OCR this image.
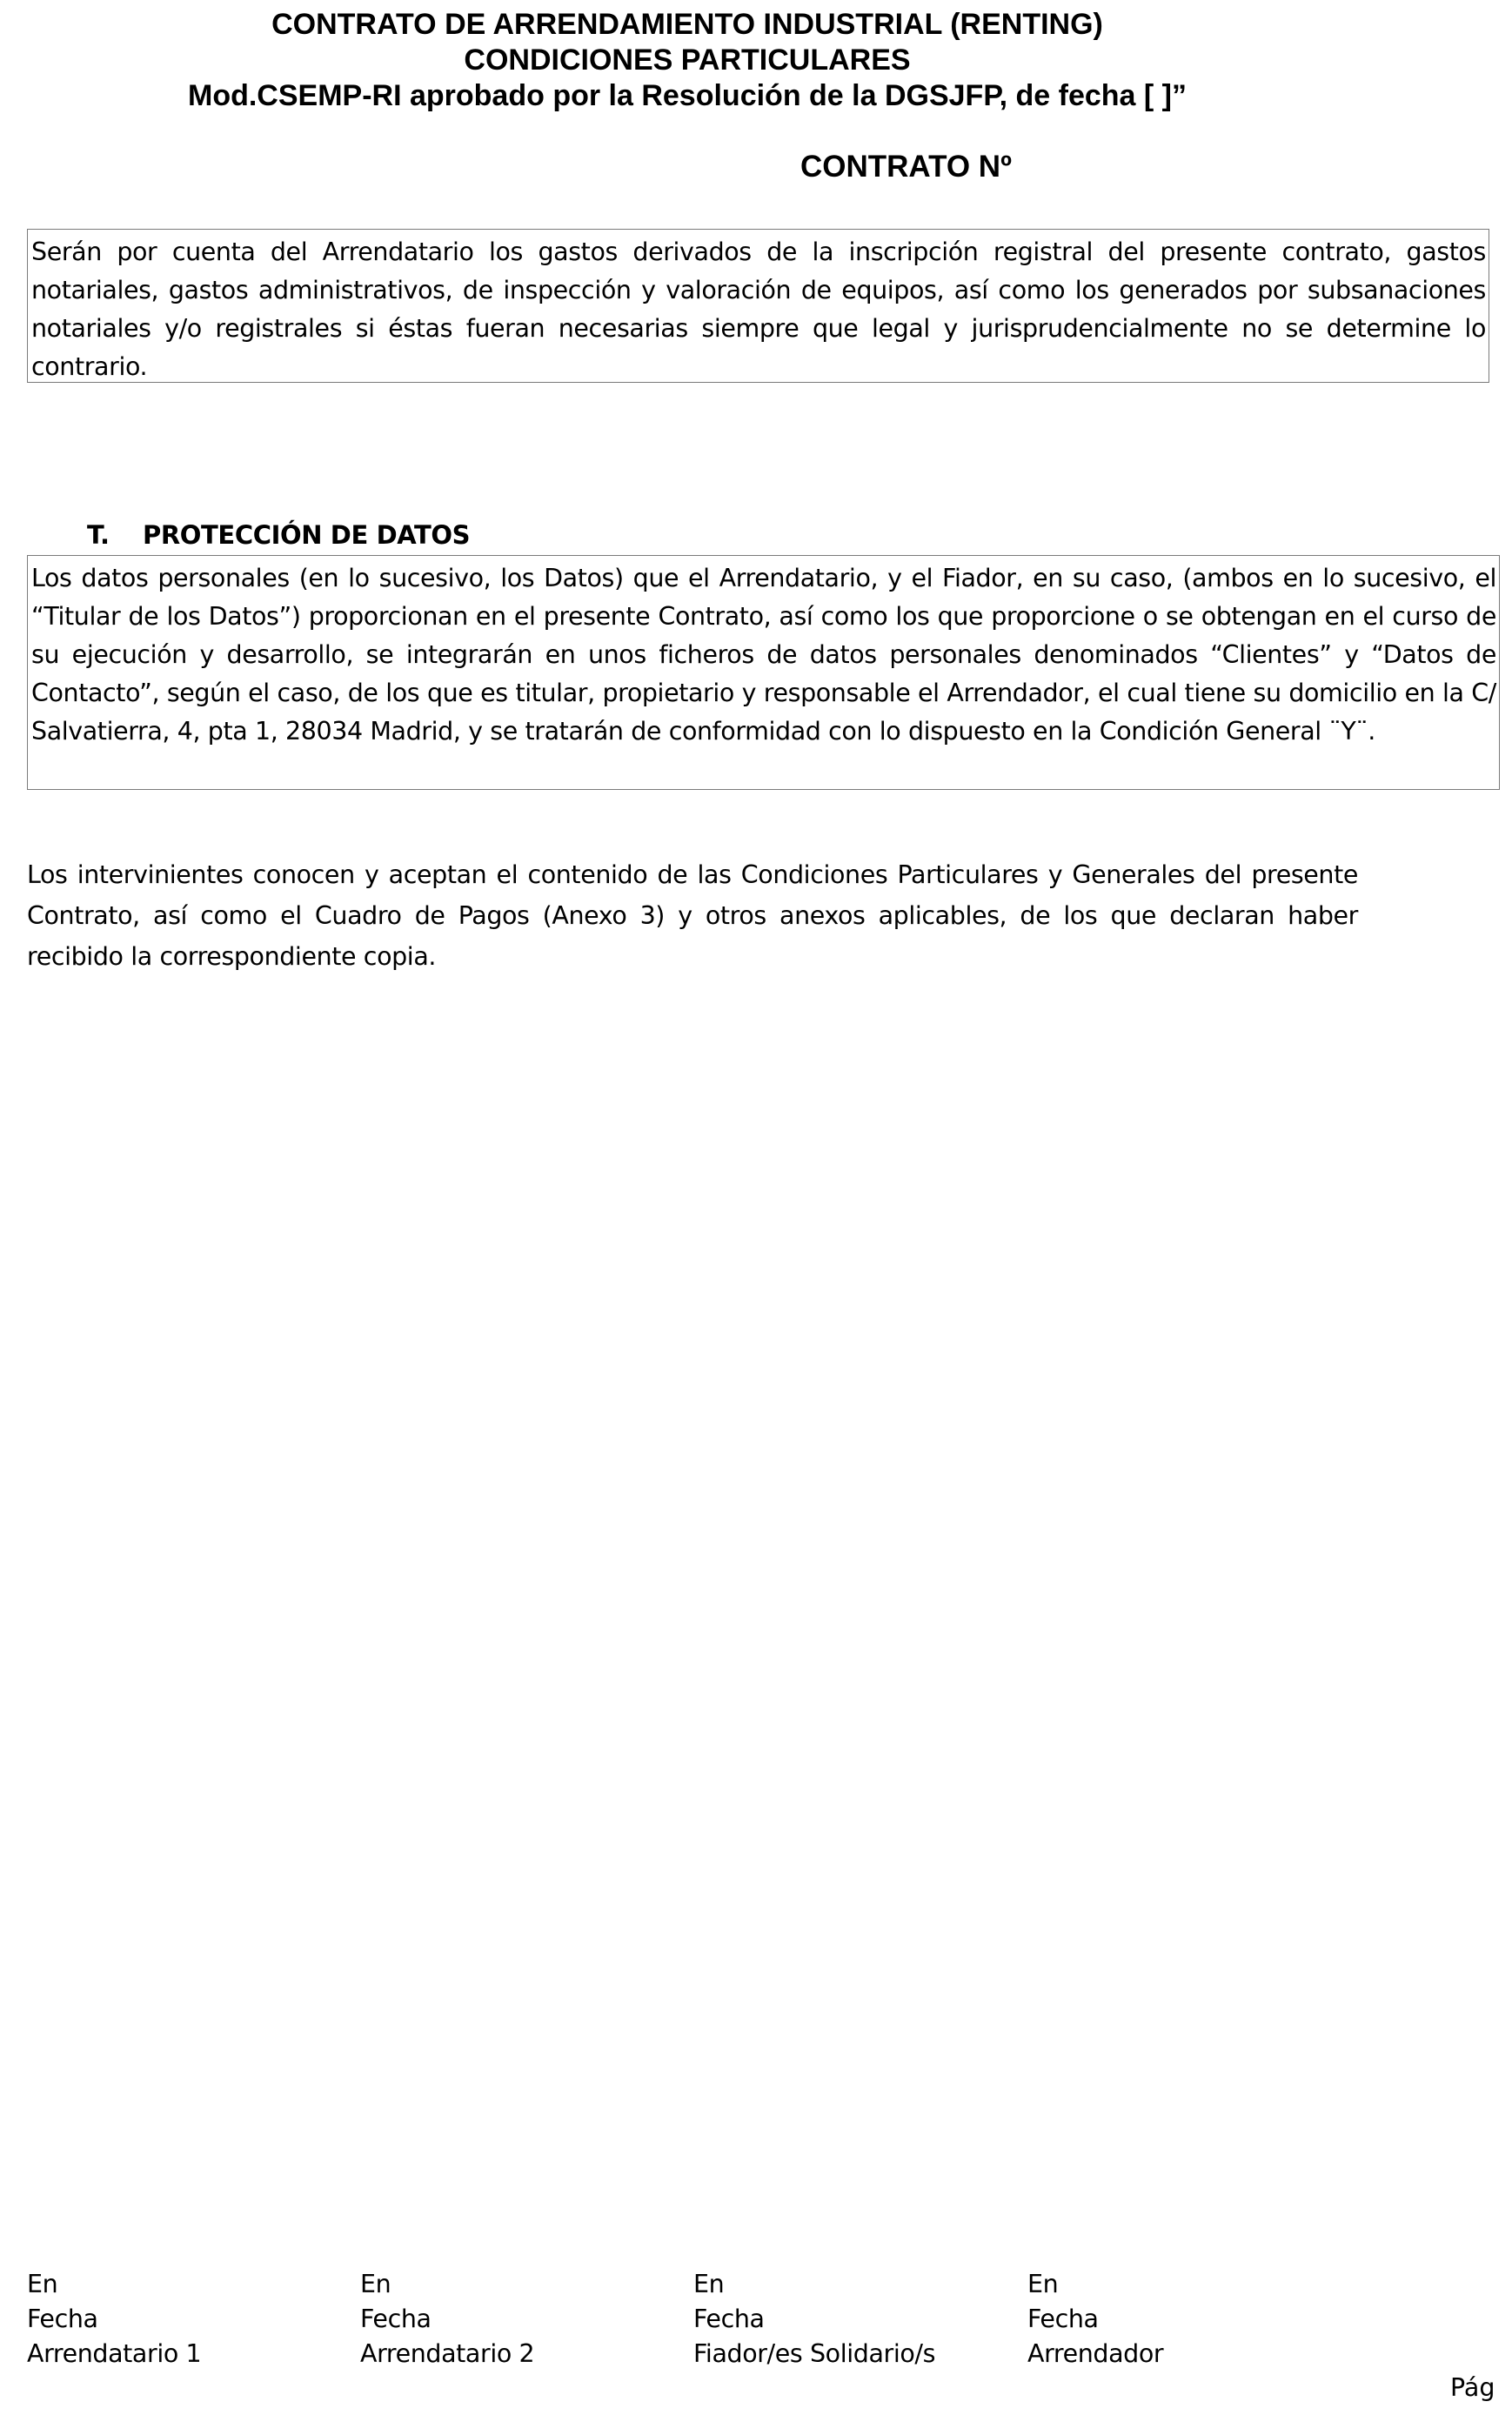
CONTRATO DE ARRENDAMIENTO INDUSTRIAL (RENTING)
CONDICIONES PARTICULARES
Mod.CSEMP-RI aprobado por la Resolución de la DGSJFP, de fecha [ ]”
CONTRATO Nº
Serán por cuenta del Arrendatario los gastos derivados de la inscripción registral del presente contrato, gastos notariales, gastos administrativos, de inspección y valoración de equipos, así como los generados por subsanaciones notariales y/o registrales si éstas fueran necesarias siempre que legal y jurisprudencialmente no se determine lo contrario.
T. PROTECCIÓN DE DATOS
Los datos personales (en lo sucesivo, los Datos) que el Arrendatario, y el Fiador, en su caso, (ambos en lo sucesivo, el “Titular de los Datos”) proporcionan en el presente Contrato, así como los que proporcione o se obtengan en el curso de su ejecución y desarrollo, se integrarán en unos ficheros de datos personales denominados “Clientes” y “Datos de Contacto”, según el caso, de los que es titular, propietario y responsable el Arrendador, el cual tiene su domicilio en la C/ Salvatierra, 4, pta 1, 28034 Madrid, y se tratarán de conformidad con lo dispuesto en la Condición General ¨Y¨.
Los intervinientes conocen y aceptan el contenido de las Condiciones Particulares y Generales del presente Contrato, así como el Cuadro de Pagos (Anexo 3) y otros anexos aplicables, de los que declaran haber recibido la correspondiente copia.
En
Fecha
Arrendatario 1
En
Fecha
Arrendatario 2
En
Fecha
Fiador/es Solidario/s
En
Fecha
Arrendador
Pág
